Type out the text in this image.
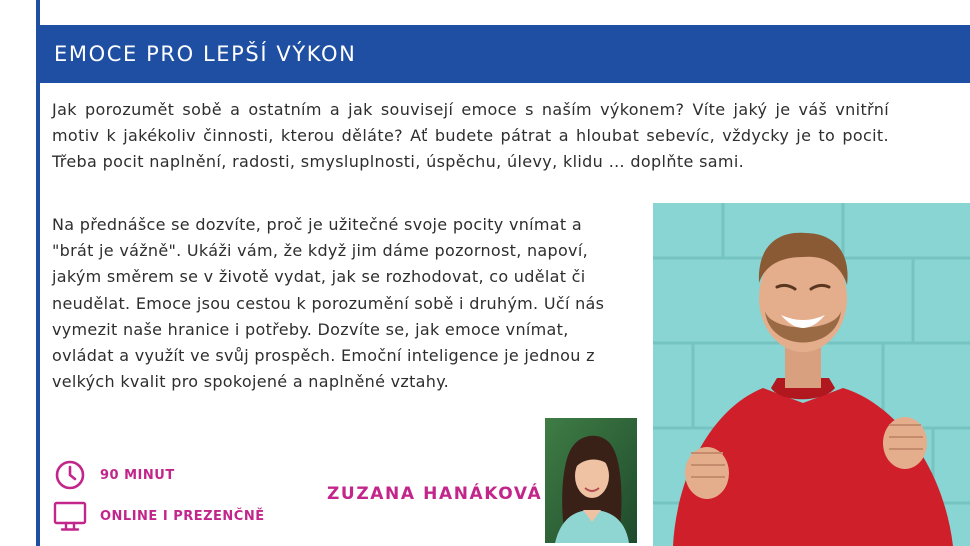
EMOCE PRO LEPŠÍ VÝKON

Jak porozumět sobě a ostatním a jak souvisejí emoce s naším výkonem? Víte jaký je váš vnitřní motiv k jakékoliv činnosti, kterou děláte? Ať budete pátrat a hloubat sebevíc, vždycky je to pocit. Třeba pocit naplnění, radosti, smysluplnosti, úspěchu, úlevy, klidu … doplňte sami.

Na přednášce se dozvíte, proč je užitečné svoje pocity vnímat a "brát je vážně". Ukáži vám, že když jim dáme pozornost, napoví, jakým směrem se v životě vydat, jak se rozhodovat, co udělat či neudělat. Emoce jsou cestou k porozumění sobě i druhým. Učí nás vymezit naše hranice i potřeby. Dozvíte se, jak emoce vnímat, ovládat a využít ve svůj prospěch. Emoční inteligence je jednou z velkých kvalit pro spokojené a naplněné vztahy.

90 MINUT
ONLINE I PREZENČNĚ
ZUZANA HANÁKOVÁ
